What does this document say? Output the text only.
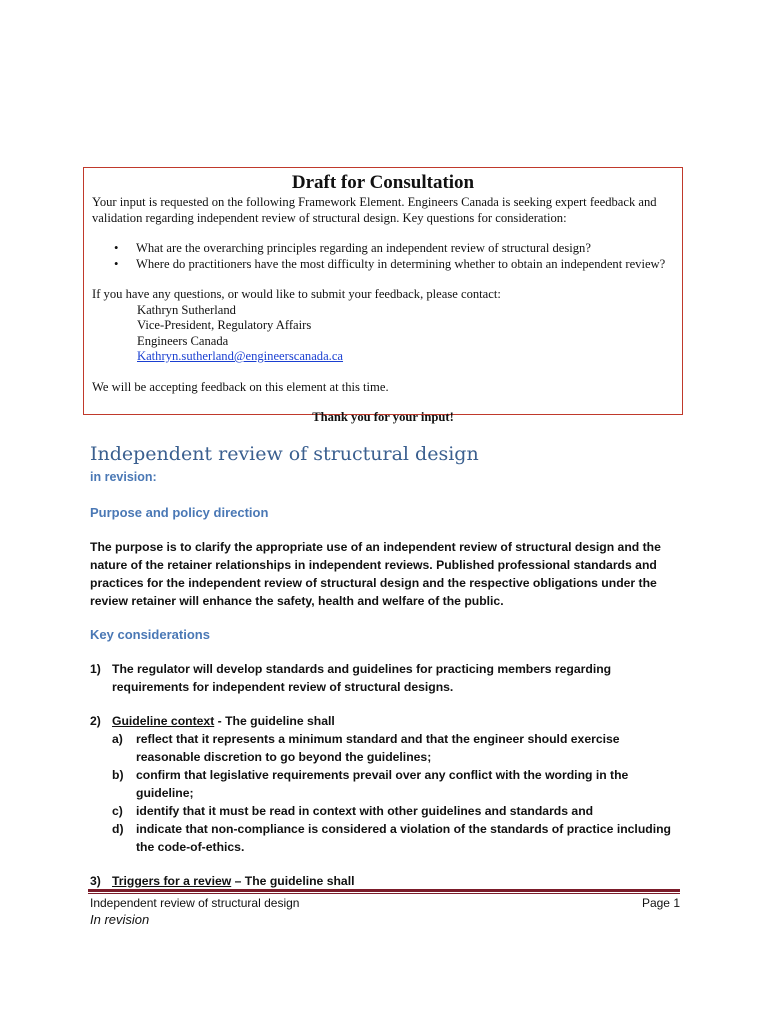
Draft for Consultation
Your input is requested on the following Framework Element. Engineers Canada is seeking expert feedback and validation regarding independent review of structural design. Key questions for consideration:
• What are the overarching principles regarding an independent review of structural design?
• Where do practitioners have the most difficulty in determining whether to obtain an independent review?
If you have any questions, or would like to submit your feedback, please contact:
Kathryn Sutherland
Vice-President, Regulatory Affairs
Engineers Canada
Kathryn.sutherland@engineerscanada.ca
We will be accepting feedback on this element at this time.
Thank you for your input!
Independent review of structural design
in revision:
Purpose and policy direction

The purpose is to clarify the appropriate use of an independent review of structural design and the nature of the retainer relationships in independent reviews. Published professional standards and practices for the independent review of structural design and the respective obligations under the review retainer will enhance the safety, health and welfare of the public.

Key considerations
1) The regulator will develop standards and guidelines for practicing members regarding requirements for independent review of structural designs.
2) Guideline context - The guideline shall
a) reflect that it represents a minimum standard and that the engineer should exercise reasonable discretion to go beyond the guidelines;
b) confirm that legislative requirements prevail over any conflict with the wording in the guideline;
c) identify that it must be read in context with other guidelines and standards and
d) indicate that non-compliance is considered a violation of the standards of practice including the code-of-ethics.
3) Triggers for a review – The guideline shall
Independent review of structural design
In revision
Page 1
